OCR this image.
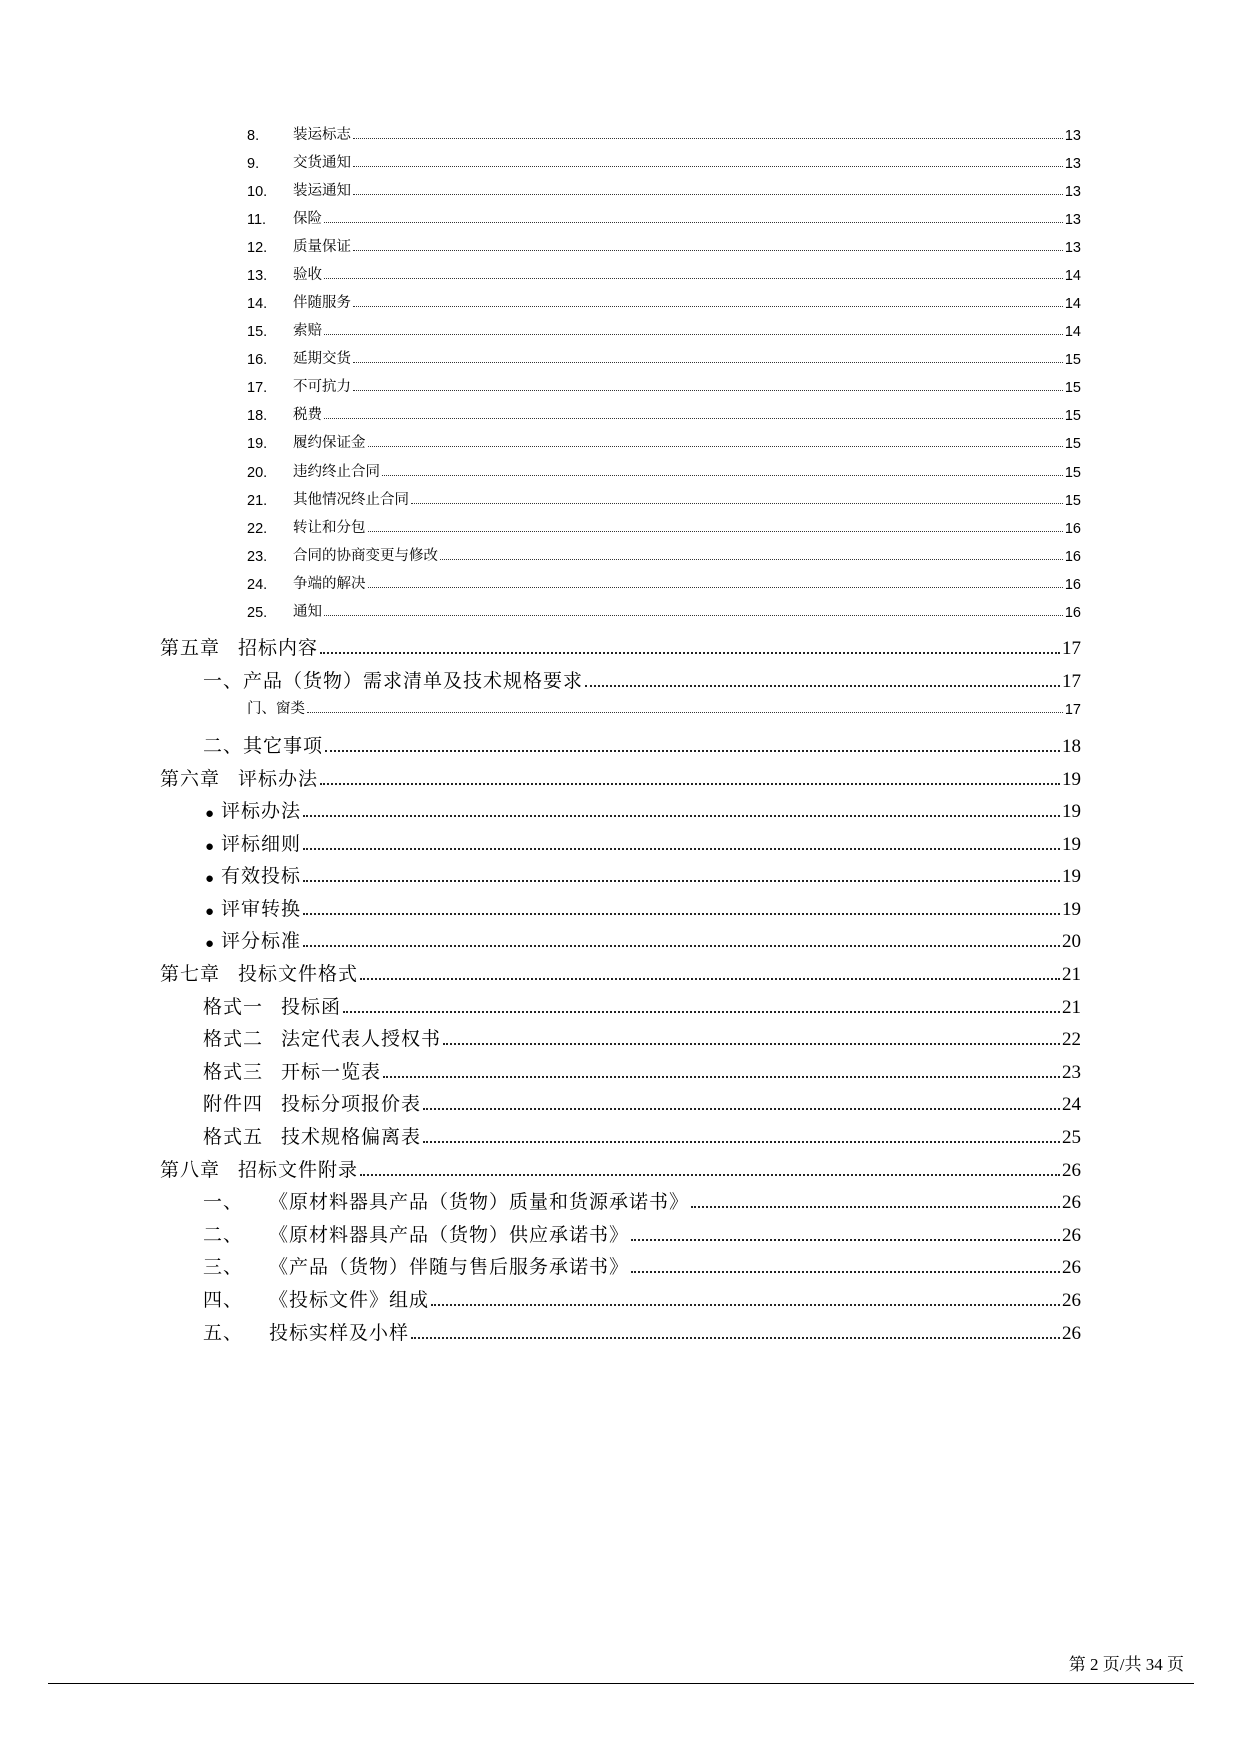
8.	装运标志	13
9.	交货通知	13
10.	装运通知	13
11.	保险	13
12.	质量保证	13
13.	验收	14
14.	伴随服务	14
15.	索赔	14
16.	延期交货	15
17.	不可抗力	15
18.	税费	15
19.	履约保证金	15
20.	违约终止合同	15
21.	其他情况终止合同	15
22.	转让和分包	16
23.	合同的协商变更与修改	16
24.	争端的解决	16
25.	通知	16
第五章 招标内容	17
一、产品（货物）需求清单及技术规格要求	17
门、窗类	17
二、其它事项	18
第六章 评标办法	19
● 评标办法	19
● 评标细则	19
● 有效投标	19
● 评审转换	19
● 评分标准	20
第七章 投标文件格式	21
格式一 投标函	21
格式二 法定代表人授权书	22
格式三 开标一览表	23
附件四 投标分项报价表	24
格式五 技术规格偏离表	25
第八章 招标文件附录	26
一、 《原材料器具产品（货物）质量和货源承诺书》	26
二、 《原材料器具产品（货物）供应承诺书》	26
三、 《产品（货物）伴随与售后服务承诺书》	26
四、 《投标文件》组成	26
五、 投标实样及小样	26
第 2 页/共 34 页
